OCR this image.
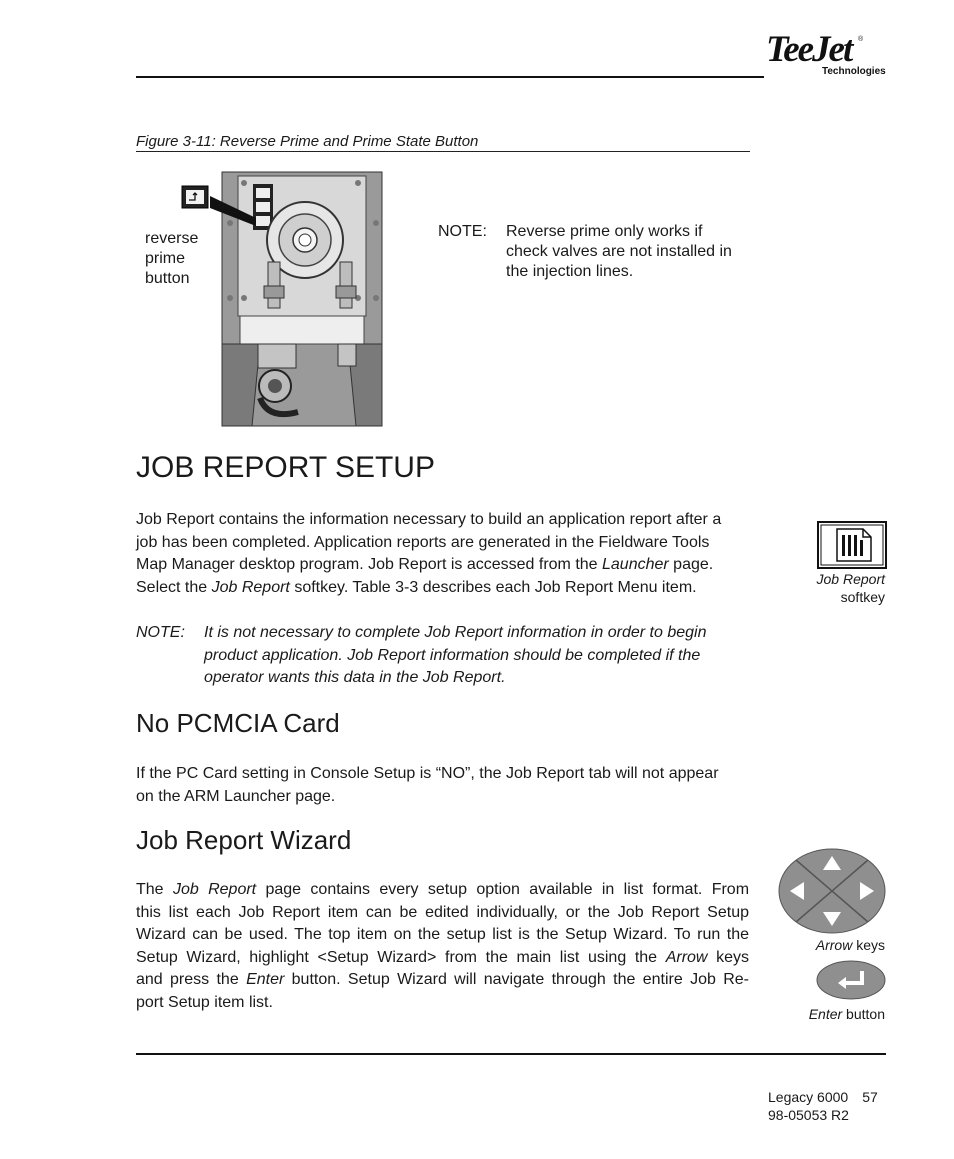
TeeJet ®
Technologies
Figure 3-11: Reverse Prime and Prime State Button
reverse
prime
button
NOTE: Reverse prime only works if
check valves are not installed in
the injection lines.
JOB REPORT SETUP
Job Report contains the information necessary to build an application report after a
job has been completed. Application reports are generated in the Fieldware Tools
Map Manager desktop program. Job Report is accessed from the Launcher page.
Select the Job Report softkey. Table 3-3 describes each Job Report Menu item.	Job Report
softkey
NOTE: It is not necessary to complete Job Report information in order to begin
product application. Job Report information should be completed if the
operator wants this data in the Job Report.
No PCMCIA Card
If the PC Card setting in Console Setup is “NO”, the Job Report tab will not appear
on the ARM Launcher page.
Job Report Wizard
The Job Report page contains every setup option available in list format. From
this list each Job Report item can be edited individually, or the Job Report Setup
Wizard can be used. The top item on the setup list is the Setup Wizard. To run the
Setup Wizard, highlight <Setup Wizard> from the main list using the Arrow keys
and press the Enter button. Setup Wizard will navigate through the entire Job Re-
port Setup item list.
Arrow keys
Enter button
Legacy 6000 57
98-05053 R2
